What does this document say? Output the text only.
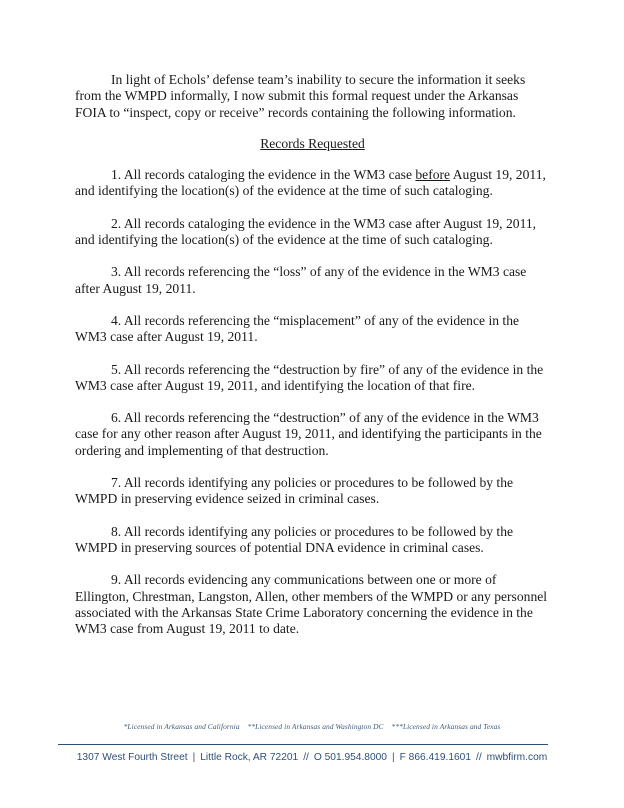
In light of Echols’ defense team’s inability to secure the information it seeks from the WMPD informally, I now submit this formal request under the Arkansas FOIA to “inspect, copy or receive” records containing the following information.

Records Requested

1. All records cataloging the evidence in the WM3 case before August 19, 2011, and identifying the location(s) of the evidence at the time of such cataloging.

2. All records cataloging the evidence in the WM3 case after August 19, 2011, and identifying the location(s) of the evidence at the time of such cataloging.

3. All records referencing the “loss” of any of the evidence in the WM3 case after August 19, 2011.

4. All records referencing the “misplacement” of any of the evidence in the WM3 case after August 19, 2011.

5. All records referencing the “destruction by fire” of any of the evidence in the WM3 case after August 19, 2011, and identifying the location of that fire.

6. All records referencing the “destruction” of any of the evidence in the WM3 case for any other reason after August 19, 2011, and identifying the participants in the ordering and implementing of that destruction.

7. All records identifying any policies or procedures to be followed by the WMPD in preserving evidence seized in criminal cases.

8. All records identifying any policies or procedures to be followed by the WMPD in preserving sources of potential DNA evidence in criminal cases.

9. All records evidencing any communications between one or more of Ellington, Chrestman, Langston, Allen, other members of the WMPD or any personnel associated with the Arkansas State Crime Laboratory concerning the evidence in the WM3 case from August 19, 2011 to date.

*Licensed in Arkansas and California **Licensed in Arkansas and Washington DC ***Licensed in Arkansas and Texas
1307 West Fourth Street | Little Rock, AR 72201 // O 501.954.8000 | F 866.419.1601 // mwbfirm.com
